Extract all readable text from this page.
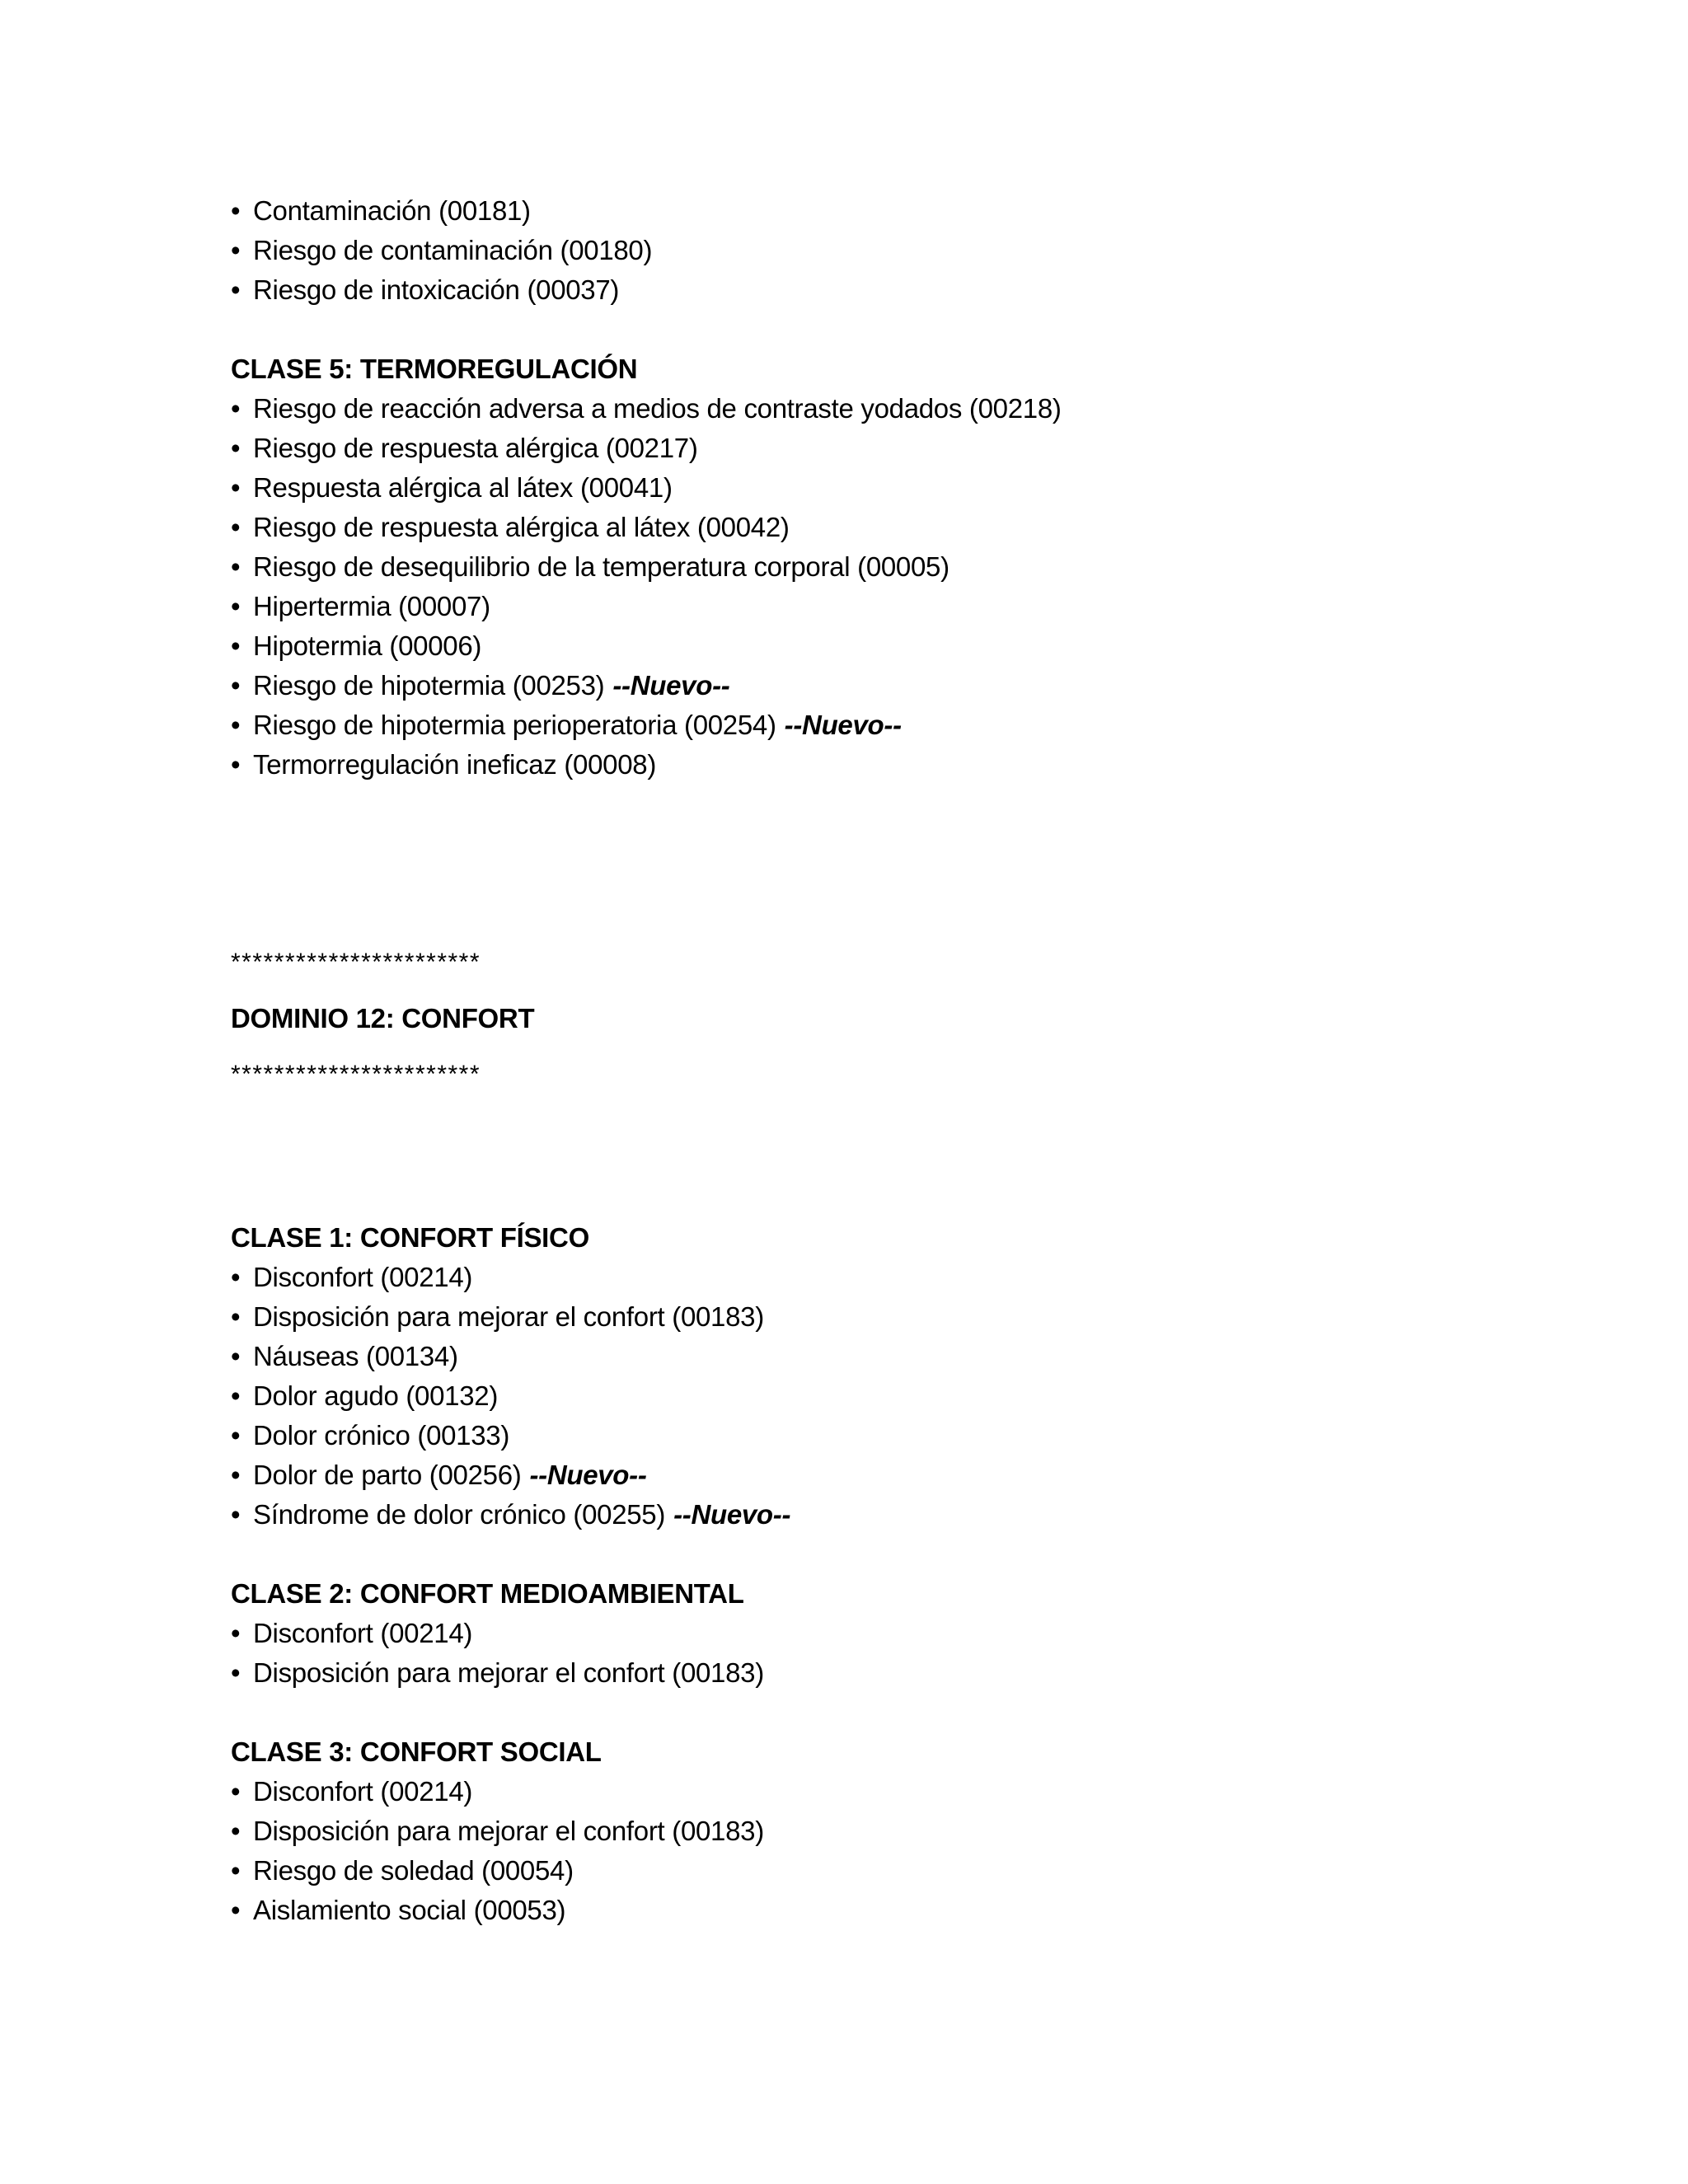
• Contaminación (00181)
• Riesgo de contaminación (00180)
• Riesgo de intoxicación (00037)
CLASE 5: TERMOREGULACIÓN
• Riesgo de reacción adversa a medios de contraste yodados (00218)
• Riesgo de respuesta alérgica (00217)
• Respuesta alérgica al látex (00041)
• Riesgo de respuesta alérgica al látex (00042)
• Riesgo de desequilibrio de la temperatura corporal (00005)
• Hipertermia (00007)
• Hipotermia (00006)
• Riesgo de hipotermia (00253) --Nuevo--
• Riesgo de hipotermia perioperatoria (00254) --Nuevo--
• Termorregulación ineficaz (00008)
***********************
DOMINIO 12: CONFORT
***********************
CLASE 1: CONFORT FÍSICO
• Disconfort (00214)
• Disposición para mejorar el confort (00183)
• Náuseas (00134)
• Dolor agudo (00132)
• Dolor crónico (00133)
• Dolor de parto (00256) --Nuevo--
• Síndrome de dolor crónico (00255) --Nuevo--
CLASE 2: CONFORT MEDIOAMBIENTAL
• Disconfort (00214)
• Disposición para mejorar el confort (00183)
CLASE 3: CONFORT SOCIAL
• Disconfort (00214)
• Disposición para mejorar el confort (00183)
• Riesgo de soledad (00054)
• Aislamiento social (00053)
